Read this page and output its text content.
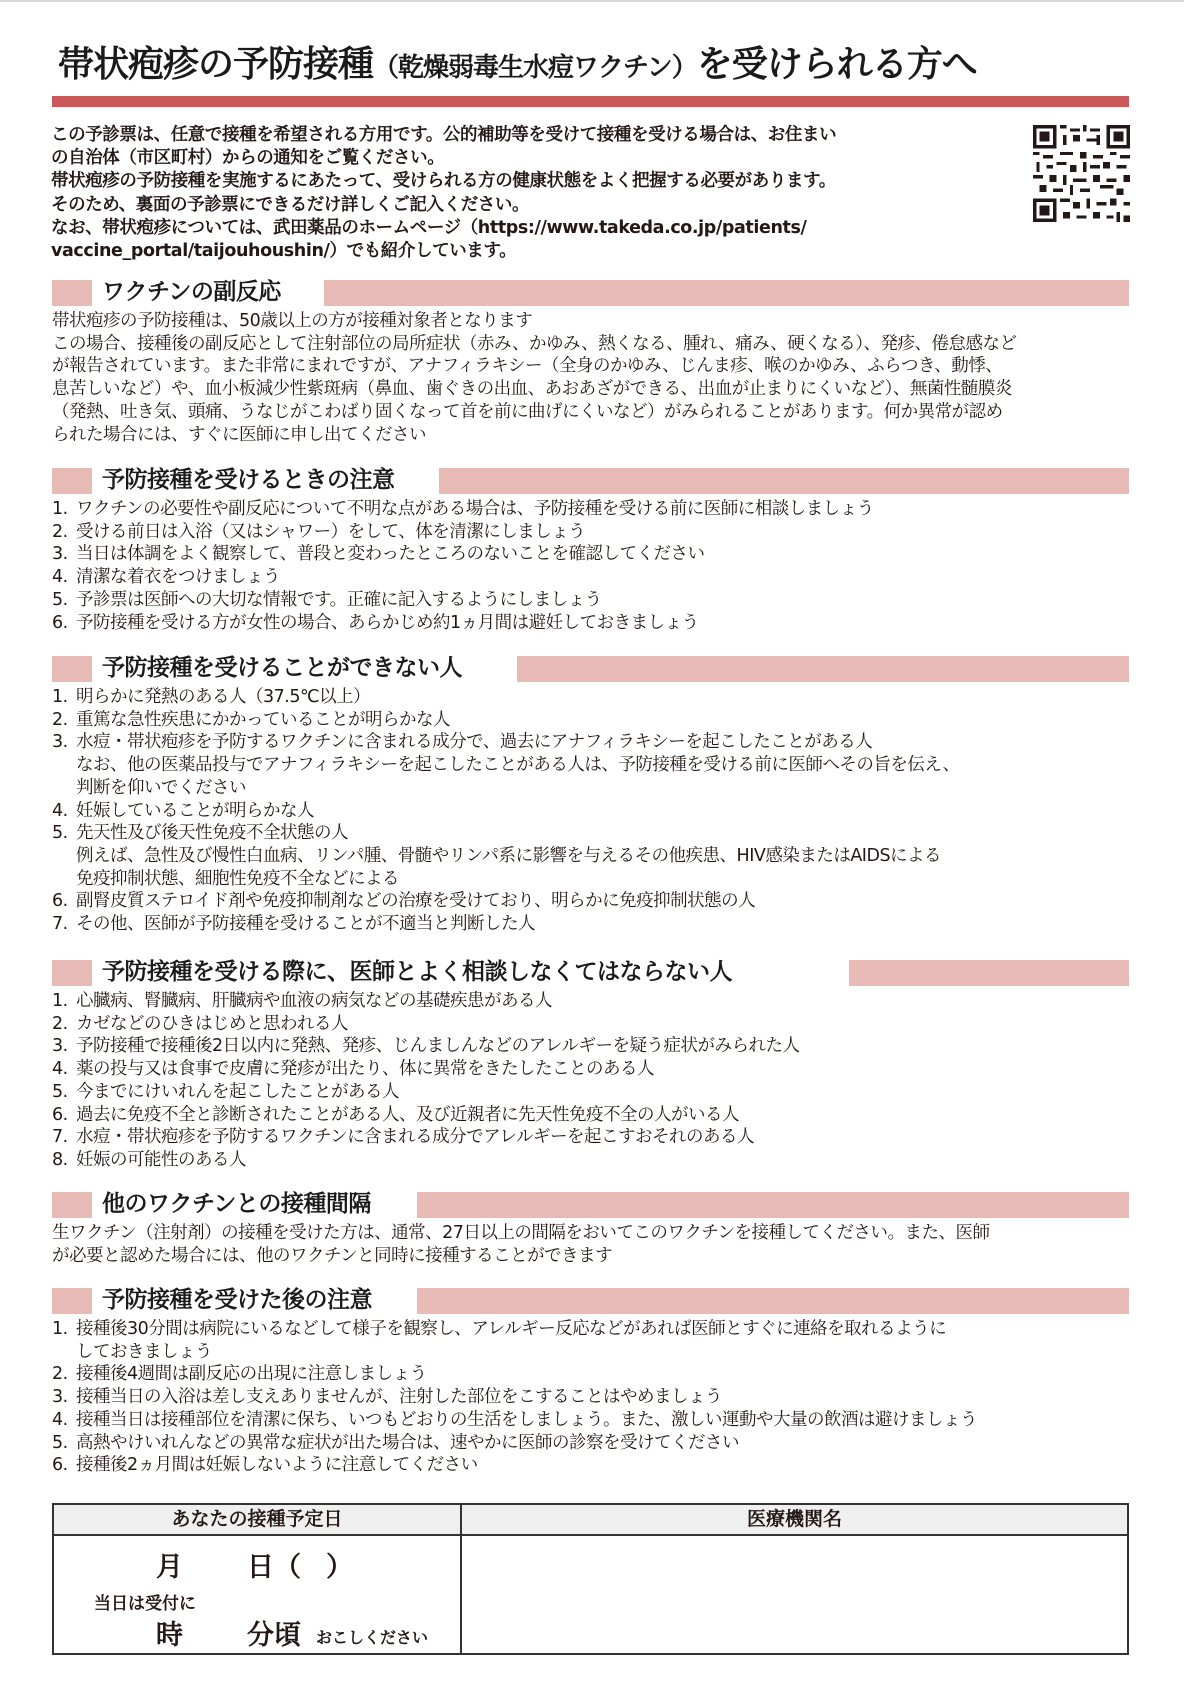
帯状疱疹の予防接種（乾燥弱毒生水痘ワクチン）を受けられる方へ
この予診票は、任意で接種を希望される方用です。公的補助等を受けて接種を受ける場合は、お住まい
の自治体（市区町村）からの通知をご覧ください。
帯状疱疹の予防接種を実施するにあたって、受けられる方の健康状態をよく把握する必要があります。
そのため、裏面の予診票にできるだけ詳しくご記入ください。
なお、帯状疱疹については、武田薬品のホームページ（https://www.takeda.co.jp/patients/
vaccine_portal/taijouhoushin/）でも紹介しています。
ワクチンの副反応

帯状疱疹の予防接種は、50歳以上の方が接種対象者となります

この場合、接種後の副反応として注射部位の局所症状（赤み、かゆみ、熱くなる、腫れ、痛み、硬くなる）、発疹、倦怠感など

が報告されています。また非常にまれですが、アナフィラキシー（全身のかゆみ、じんま疹、喉のかゆみ、ふらつき、動悸、

息苦しいなど）や、血小板減少性紫斑病（鼻血、歯ぐきの出血、あおあざができる、出血が止まりにくいなど）、無菌性髄膜炎

（発熱、吐き気、頭痛、うなじがこわばり固くなって首を前に曲げにくいなど）がみられることがあります。何か異常が認め

られた場合には、すぐに医師に申し出てください

予防接種を受けるときの注意
1. ワクチンの必要性や副反応について不明な点がある場合は、予防接種を受ける前に医師に相談しましょう
2. 受ける前日は入浴（又はシャワー）をして、体を清潔にしましょう
3. 当日は体調をよく観察して、普段と変わったところのないことを確認してください
4. 清潔な着衣をつけましょう
5. 予診票は医師への大切な情報です。正確に記入するようにしましょう
6. 予防接種を受ける方が女性の場合、あらかじめ約1ヵ月間は避妊しておきましょう
予防接種を受けることができない人
1. 明らかに発熱のある人（37.5℃以上）
2. 重篤な急性疾患にかかっていることが明らかな人
3. 水痘・帯状疱疹を予防するワクチンに含まれる成分で、過去にアナフィラキシーを起こしたことがある人
なお、他の医薬品投与でアナフィラキシーを起こしたことがある人は、予防接種を受ける前に医師へその旨を伝え、
判断を仰いでください
4. 妊娠していることが明らかな人
5. 先天性及び後天性免疫不全状態の人
例えば、急性及び慢性白血病、リンパ腫、骨髄やリンパ系に影響を与えるその他疾患、HIV感染またはAIDSによる
免疫抑制状態、細胞性免疫不全などによる
6. 副腎皮質ステロイド剤や免疫抑制剤などの治療を受けており、明らかに免疫抑制状態の人
7. その他、医師が予防接種を受けることが不適当と判断した人
予防接種を受ける際に、医師とよく相談しなくてはならない人
1. 心臓病、腎臓病、肝臓病や血液の病気などの基礎疾患がある人
2. カゼなどのひきはじめと思われる人
3. 予防接種で接種後2日以内に発熱、発疹、じんましんなどのアレルギーを疑う症状がみられた人
4. 薬の投与又は食事で皮膚に発疹が出たり、体に異常をきたしたことのある人
5. 今までにけいれんを起こしたことがある人
6. 過去に免疫不全と診断されたことがある人、及び近親者に先天性免疫不全の人がいる人
7. 水痘・帯状疱疹を予防するワクチンに含まれる成分でアレルギーを起こすおそれのある人
8. 妊娠の可能性のある人
他のワクチンとの接種間隔

生ワクチン（注射剤）の接種を受けた方は、通常、27日以上の間隔をおいてこのワクチンを接種してください。また、医師

が必要と認めた場合には、他のワクチンと同時に接種することができます

予防接種を受けた後の注意
1. 接種後30分間は病院にいるなどして様子を観察し、アレルギー反応などがあれば医師とすぐに連絡を取れるように
しておきましょう
2. 接種後4週間は副反応の出現に注意しましょう
3. 接種当日の入浴は差し支えありませんが、注射した部位をこすることはやめましょう
4. 接種当日は接種部位を清潔に保ち、いつもどおりの生活をしましょう。また、激しい運動や大量の飲酒は避けましょう
5. 高熱やけいれんなどの異常な症状が出た場合は、速やかに医師の診察を受けてください
6. 接種後2ヵ月間は妊娠しないように注意してください
あなたの接種予定日	医療機関名
月 日（ ）
当日は受付に
時 分頃 おこしください
